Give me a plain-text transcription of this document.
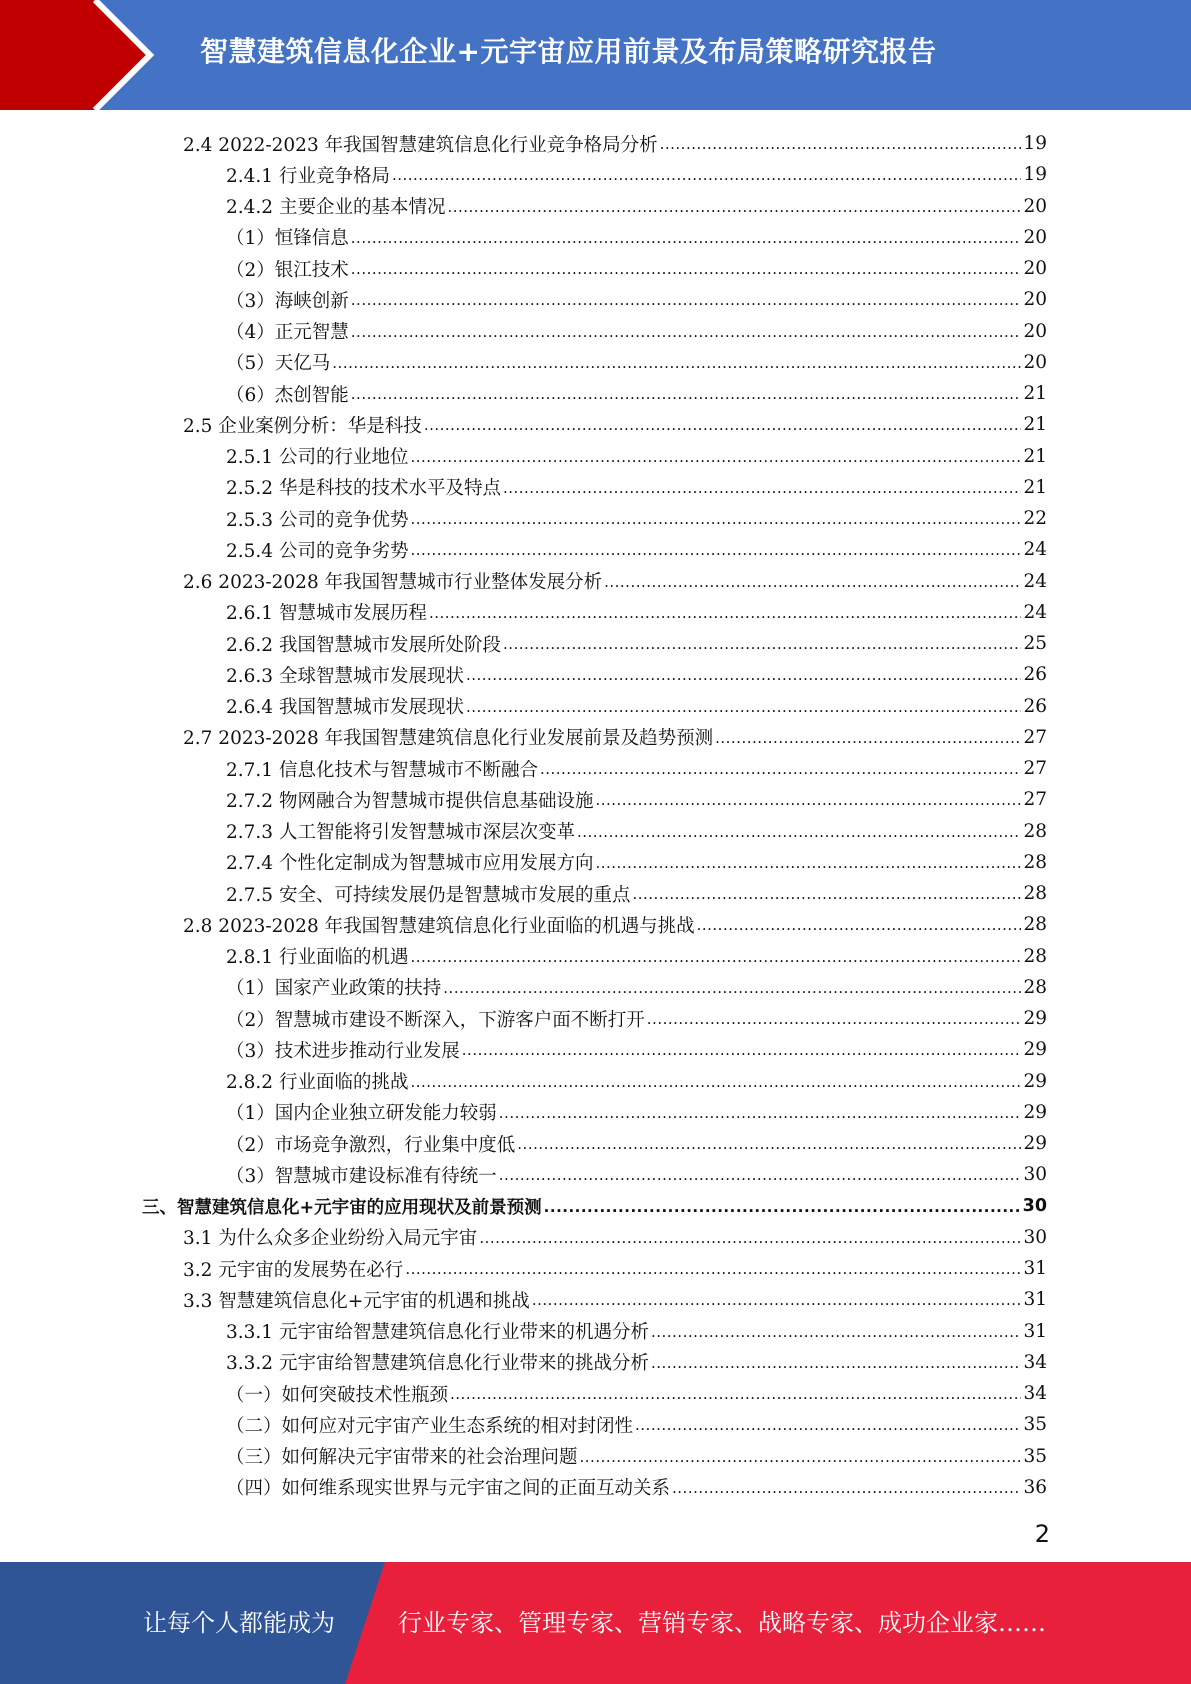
智慧建筑信息化企业+元宇宙应用前景及布局策略研究报告
2.4 2022-2023 年我国智慧建筑信息化行业竞争格局分析 .....	19
2.4.1 行业竞争格局 .....	19
2.4.2 主要企业的基本情况 .....	20
（1）恒锋信息 .....	20
（2）银江技术 .....	20
（3）海峡创新 .....	20
（4）正元智慧 .....	20
（5）天亿马 .....	20
（6）杰创智能 .....	21
2.5 企业案例分析：华是科技 .....	21
2.5.1 公司的行业地位 .....	21
2.5.2 华是科技的技术水平及特点 .....	21
2.5.3 公司的竞争优势 .....	22
2.5.4 公司的竞争劣势 .....	24
2.6 2023-2028 年我国智慧城市行业整体发展分析 .....	24
2.6.1 智慧城市发展历程 .....	24
2.6.2 我国智慧城市发展所处阶段 .....	25
2.6.3 全球智慧城市发展现状 .....	26
2.6.4 我国智慧城市发展现状 .....	26
2.7 2023-2028 年我国智慧建筑信息化行业发展前景及趋势预测 .....	27
2.7.1 信息化技术与智慧城市不断融合 .....	27
2.7.2 物网融合为智慧城市提供信息基础设施 .....	27
2.7.3 人工智能将引发智慧城市深层次变革 .....	28
2.7.4 个性化定制成为智慧城市应用发展方向 .....	28
2.7.5 安全、可持续发展仍是智慧城市发展的重点 .....	28
2.8 2023-2028 年我国智慧建筑信息化行业面临的机遇与挑战 .....	28
2.8.1 行业面临的机遇 .....	28
（1）国家产业政策的扶持 .....	28
（2）智慧城市建设不断深入，下游客户面不断打开 .....	29
（3）技术进步推动行业发展 .....	29
2.8.2 行业面临的挑战 .....	29
（1）国内企业独立研发能力较弱 .....	29
（2）市场竞争激烈，行业集中度低 .....	29
（3）智慧城市建设标准有待统一 .....	30
三、智慧建筑信息化+元宇宙的应用现状及前景预测 .....	30
3.1 为什么众多企业纷纷入局元宇宙 .....	30
3.2 元宇宙的发展势在必行 .....	31
3.3 智慧建筑信息化+元宇宙的机遇和挑战 .....	31
3.3.1 元宇宙给智慧建筑信息化行业带来的机遇分析 .....	31
3.3.2 元宇宙给智慧建筑信息化行业带来的挑战分析 .....	34
（一）如何突破技术性瓶颈 .....	34
（二）如何应对元宇宙产业生态系统的相对封闭性 .....	35
（三）如何解决元宇宙带来的社会治理问题 .....	35
（四）如何维系现实世界与元宇宙之间的正面互动关系 .....	36
2
让每个人都能成为	行业专家、管理专家、营销专家、战略专家、成功企业家……
